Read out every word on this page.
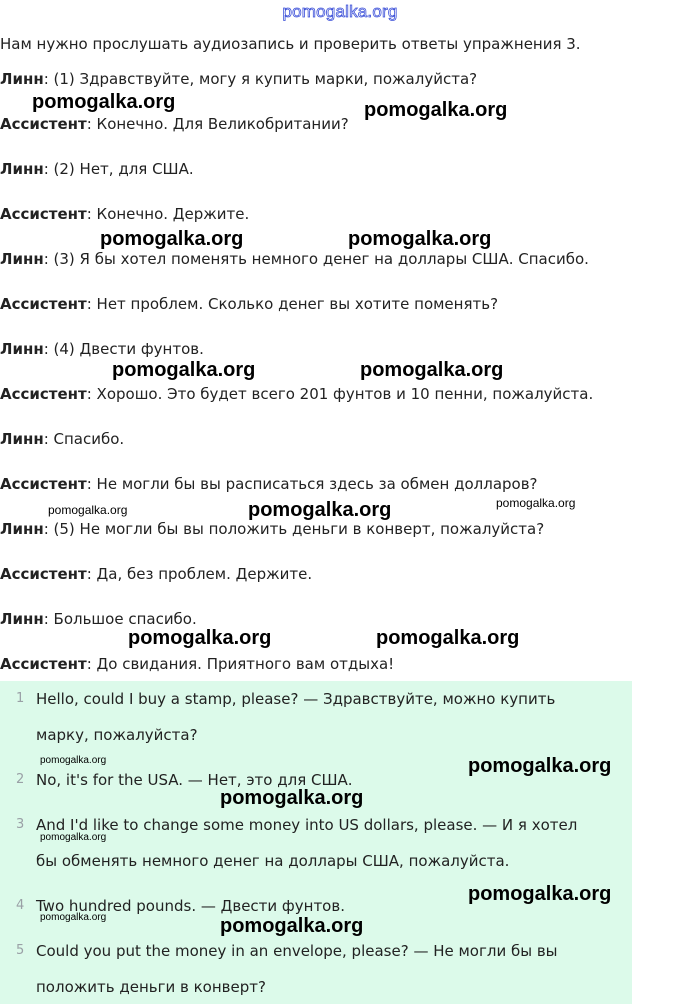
pomogalka.org
Нам нужно прослушать аудиозапись и проверить ответы упражнения 3.
Линн: (1) Здравствуйте, могу я купить марки, пожалуйста?
Ассистент: Конечно. Для Великобритании?
Линн: (2) Нет, для США.
Ассистент: Конечно. Держите.
Линн: (3) Я бы хотел поменять немного денег на доллары США. Спасибо.
Ассистент: Нет проблем. Сколько денег вы хотите поменять?
Линн: (4) Двести фунтов.
Ассистент: Хорошо. Это будет всего 201 фунтов и 10 пенни, пожалуйста.
Линн: Спасибо.
Ассистент: Не могли бы вы расписаться здесь за обмен долларов?
Линн: (5) Не могли бы вы положить деньги в конверт, пожалуйста?
Ассистент: Да, без проблем. Держите.
Линн: Большое спасибо.
Ассистент: До свидания. Приятного вам отдыха!
1 Hello, could I buy a stamp, please? — Здравствуйте, можно купить
марку, пожалуйста?
2 No, it's for the USA. — Нет, это для США.
3 And I'd like to change some money into US dollars, please. — И я хотел
бы обменять немного денег на доллары США, пожалуйста.
4 Two hundred pounds. — Двести фунтов.
5 Could you put the money in an envelope, please? — Не могли бы вы
положить деньги в конверт?
pomogalka.org	pomogalka.org
pomogalka.org	pomogalka.org
pomogalka.org	pomogalka.org
pomogalka.org	pomogalka.org	pomogalka.org
pomogalka.org	pomogalka.org
pomogalka.org	pomogalka.org
pomogalka.org
pomogalka.org
pomogalka.org
pomogalka.org	pomogalka.org
